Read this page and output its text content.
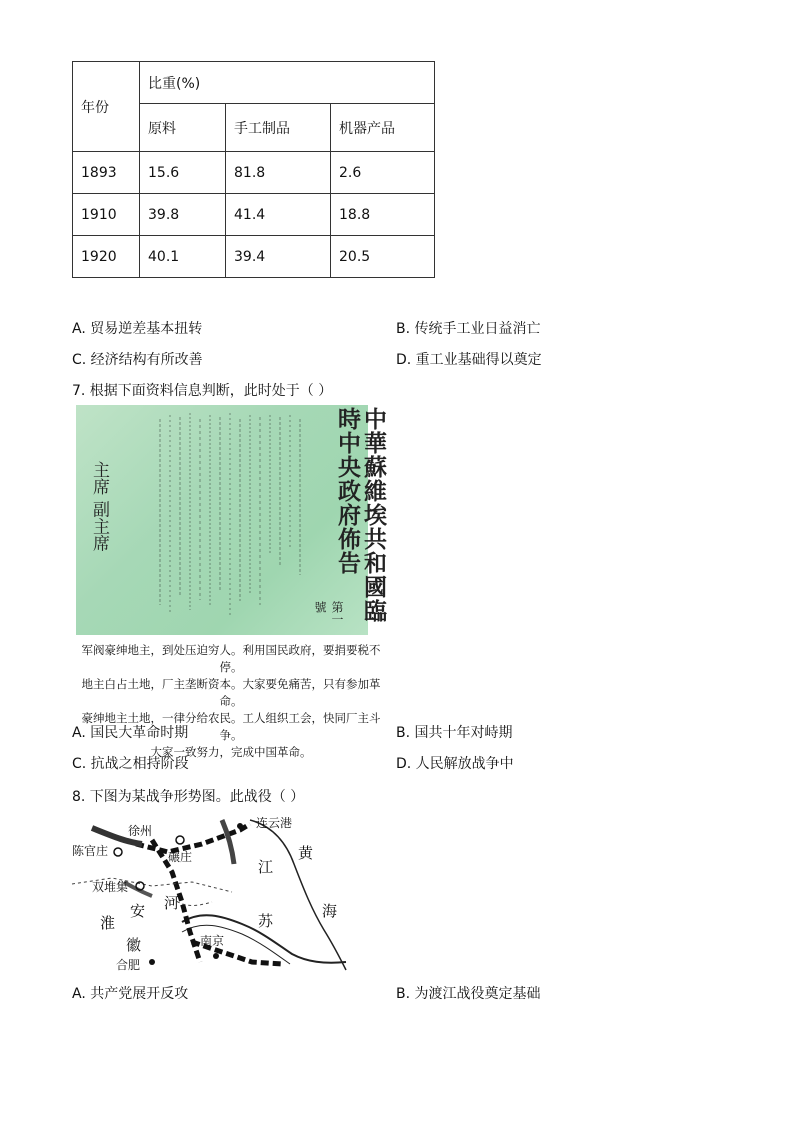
年份	比重(%)		
	原料	手工制品	机器产品
1893	15.6	81.8	2.6
1910	39.8	41.4	18.8
1920	40.1	39.4	20.5
A. 贸易逆差基本扭转	B. 传统手工业日益消亡
C. 经济结构有所改善	D. 重工业基础得以奠定
7. 根据下面资料信息判断，此时处于（ ）
中華蘇維埃共和國臨時中央政府佈告
第一號
主席 副主席
军阀豪绅地主，到处压迫穷人。利用国民政府，要捐要税不停。
地主白占土地，厂主垄断资本。大家要免痛苦，只有参加革命。
豪绅地主土地，一律分给农民。工人组织工会，快同厂主斗争。
大家一致努力，完成中国革命。
A. 国民大革命时期	B. 国共十年对峙期
C. 抗战之相持阶段	D. 人民解放战争中
8. 下图为某战争形势图。此战役（ ）
徐州
连云港
陈官庄	碾庄
双堆集
南京
合肥
黄
海
江
苏
安 河
淮
徽
A. 共产党展开反攻	B. 为渡江战役奠定基础
